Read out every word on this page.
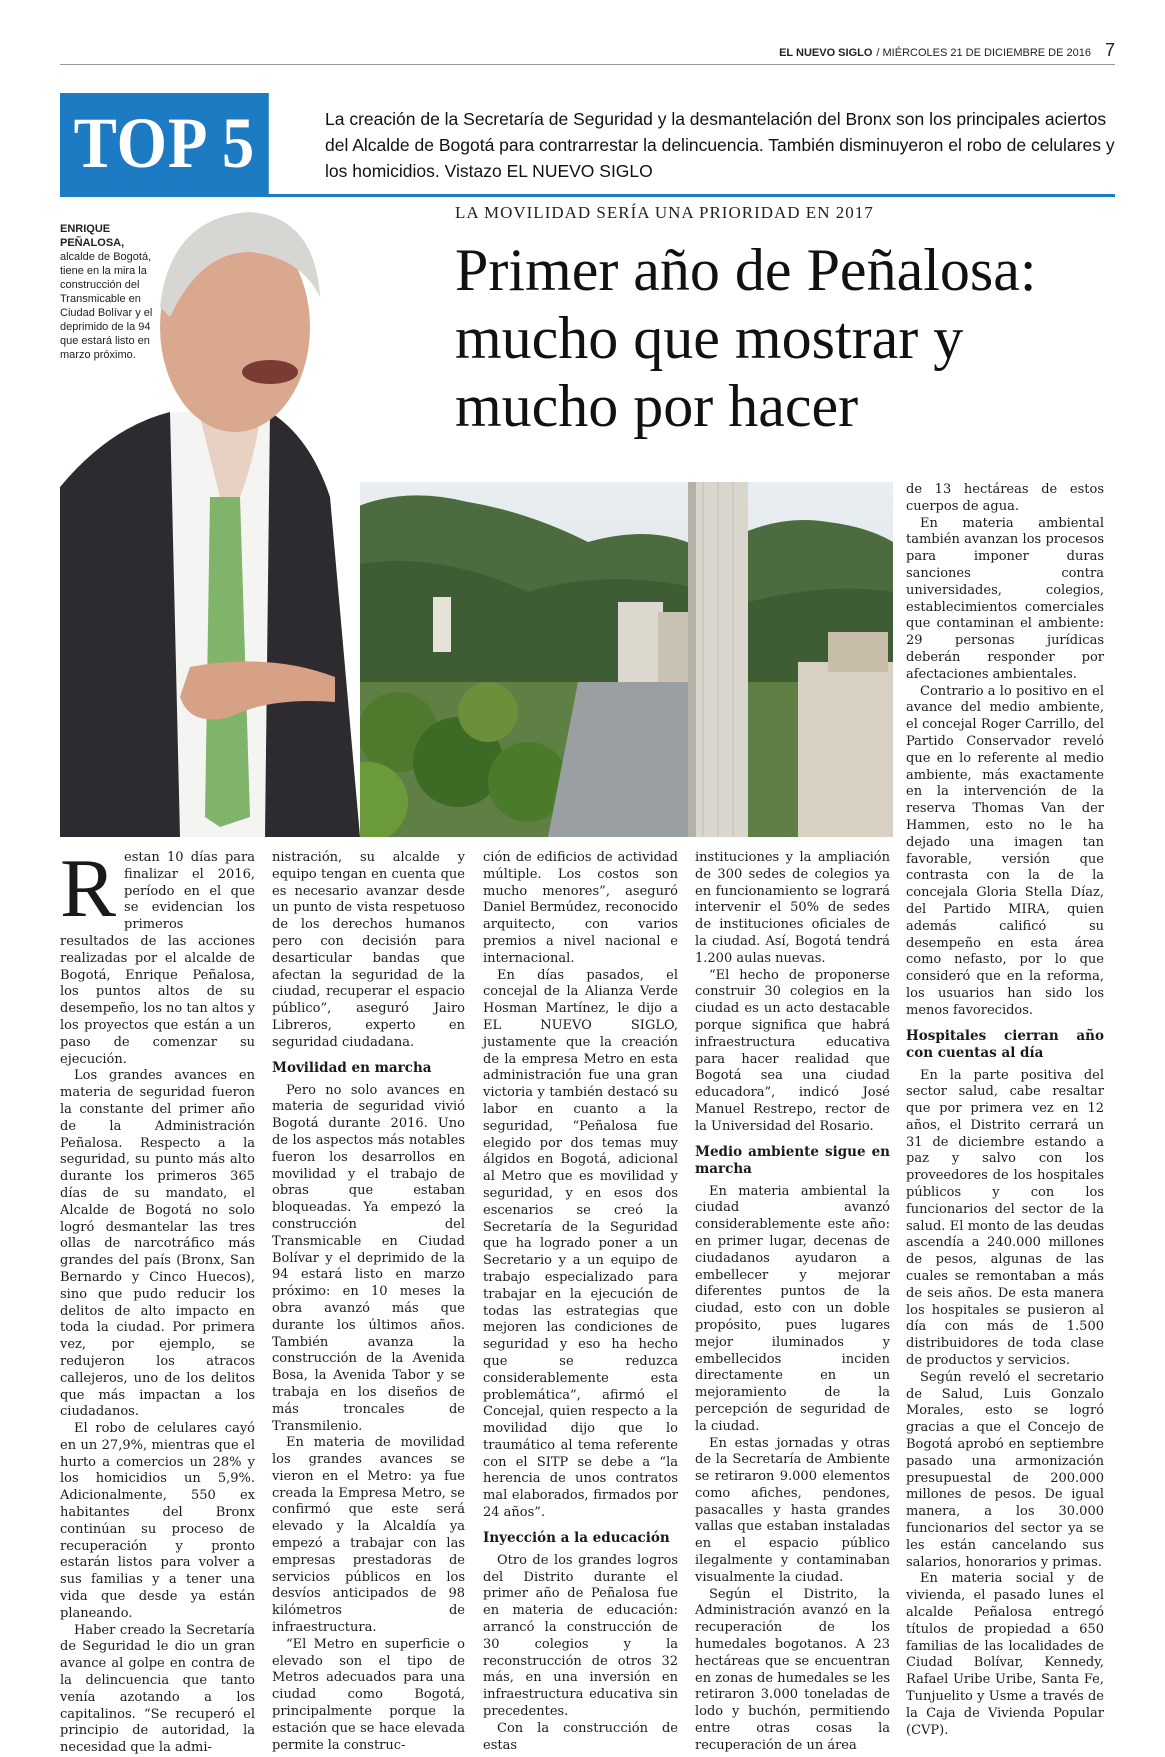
EL NUEVO SIGLO / MIÉRCOLES 21 DE DICIEMBRE DE 2016 7
TOP 5	La creación de la Secretaría de Seguridad y la desmantelación del Bronx son los principales aciertos del Alcalde de Bogotá para contrarrestar la delincuencia. También disminuyeron el robo de celulares y los homicidios. Vistazo EL NUEVO SIGLO
ENRIQUE PEÑALOSA,
alcalde de Bogotá, tiene en la mira la construcción del Transmicable en Ciudad Bolívar y el deprimido de la 94 que estará listo en marzo próximo.
LA MOVILIDAD SERÍA UNA PRIORIDAD EN 2017
Primer año de Peñalosa: mucho que mostrar y mucho por hacer
R estan 10 días para finalizar el 2016, período en el que se evidencian los primeros resultados de las acciones realizadas por el alcalde de Bogotá, Enrique Peñalosa, los puntos altos de su desempeño, los no tan altos y los proyectos que están a un paso de comenzar su ejecución.

Los grandes avances en materia de seguridad fueron la constante del primer año de la Administración Peñalosa. Respecto a la seguridad, su punto más alto durante los primeros 365 días de su mandato, el Alcalde de Bogotá no solo logró desmantelar las tres ollas de narcotráfico más grandes del país (Bronx, San Bernardo y Cinco Huecos), sino que pudo reducir los delitos de alto impacto en toda la ciudad. Por primera vez, por ejemplo, se redujeron los atracos callejeros, uno de los delitos que más impactan a los ciudadanos.

El robo de celulares cayó en un 27,9%, mientras que el hurto a comercios un 28% y los homicidios un 5,9%. Adicionalmente, 550 ex habitantes del Bronx continúan su proceso de recuperación y pronto estarán listos para volver a sus familias y a tener una vida que desde ya están planeando.

Haber creado la Secretaría de Seguridad le dio un gran avance al golpe en contra de la delincuencia que tanto venía azotando a los capitalinos. “Se recuperó el principio de autoridad, la necesidad que la admi-

nistración, su alcalde y equipo tengan en cuenta que es necesario avanzar desde un punto de vista respetuoso de los derechos humanos pero con decisión para desarticular bandas que afectan la seguridad de la ciudad, recuperar el espacio público”, aseguró Jairo Libreros, experto en seguridad ciudadana.

Movilidad en marcha

Pero no solo avances en materia de seguridad vivió Bogotá durante 2016. Uno de los aspectos más notables fueron los desarrollos en movilidad y el trabajo de obras que estaban bloqueadas. Ya empezó la construcción del Transmicable en Ciudad Bolívar y el deprimido de la 94 estará listo en marzo próximo: en 10 meses la obra avanzó más que durante los últimos años. También avanza la construcción de la Avenida Bosa, la Avenida Tabor y se trabaja en los diseños de más troncales de Transmilenio.

En materia de movilidad los grandes avances se vieron en el Metro: ya fue creada la Empresa Metro, se confirmó que este será elevado y la Alcaldía ya empezó a trabajar con las empresas prestadoras de servicios públicos en los desvíos anticipados de 98 kilómetros de infraestructura.

“El Metro en superficie o elevado son el tipo de Metros adecuados para una ciudad como Bogotá, principalmente porque la estación que se hace elevada permite la construc-

ción de edificios de actividad múltiple. Los costos son mucho menores”, aseguró Daniel Bermúdez, reconocido arquitecto, con varios premios a nivel nacional e internacional.

En días pasados, el concejal de la Alianza Verde Hosman Martínez, le dijo a EL NUEVO SIGLO, justamente que la creación de la empresa Metro en esta administración fue una gran victoria y también destacó su labor en cuanto a la seguridad, “Peñalosa fue elegido por dos temas muy álgidos en Bogotá, adicional al Metro que es movilidad y seguridad, y en esos dos escenarios se creó la Secretaría de la Seguridad que ha logrado poner a un Secretario y a un equipo de trabajo especializado para trabajar en la ejecución de todas las estrategias que mejoren las condiciones de seguridad y eso ha hecho que se reduzca considerablemente esta problemática”, afirmó el Concejal, quien respecto a la movilidad dijo que lo traumático al tema referente con el SITP se debe a “la herencia de unos contratos mal elaborados, firmados por 24 años”.

Inyección a la educación

Otro de los grandes logros del Distrito durante el primer año de Peñalosa fue en materia de educación: arrancó la construcción de 30 colegios y la reconstrucción de otros 32 más, en una inversión en infraestructura educativa sin precedentes.

Con la construcción de estas

instituciones y la ampliación de 300 sedes de colegios ya en funcionamiento se logrará intervenir el 50% de sedes de instituciones oficiales de la ciudad. Así, Bogotá tendrá 1.200 aulas nuevas.

“El hecho de proponerse construir 30 colegios en la ciudad es un acto destacable porque significa que habrá infraestructura educativa para hacer realidad que Bogotá sea una ciudad educadora”, indicó José Manuel Restrepo, rector de la Universidad del Rosario.

Medio ambiente sigue en marcha

En materia ambiental la ciudad avanzó considerablemente este año: en primer lugar, decenas de ciudadanos ayudaron a embellecer y mejorar diferentes puntos de la ciudad, esto con un doble propósito, pues lugares mejor iluminados y embellecidos inciden directamente en un mejoramiento de la percepción de seguridad de la ciudad.

En estas jornadas y otras de la Secretaría de Ambiente se retiraron 9.000 elementos como afiches, pendones, pasacalles y hasta grandes vallas que estaban instaladas en el espacio público ilegalmente y contaminaban visualmente la ciudad.

Según el Distrito, la Administración avanzó en la recuperación de los humedales bogotanos. A 23 hectáreas que se encuentran en zonas de humedales se les retiraron 3.000 toneladas de lodo y buchón, permitiendo entre otras cosas la recuperación de un área

de 13 hectáreas de estos cuerpos de agua.

En materia ambiental también avanzan los procesos para imponer duras sanciones contra universidades, colegios, establecimientos comerciales que contaminan el ambiente: 29 personas jurídicas deberán responder por afectaciones ambientales.

Contrario a lo positivo en el avance del medio ambiente, el concejal Roger Carrillo, del Partido Conservador reveló que en lo referente al medio ambiente, más exactamente en la intervención de la reserva Thomas Van der Hammen, esto no le ha dejado una imagen tan favorable, versión que contrasta con la de la concejala Gloria Stella Díaz, del Partido MIRA, quien además calificó su desempeño en esta área como nefasto, por lo que consideró que en la reforma, los usuarios han sido los menos favorecidos.

Hospitales cierran año con cuentas al día

En la parte positiva del sector salud, cabe resaltar que por primera vez en 12 años, el Distrito cerrará un 31 de diciembre estando a paz y salvo con los proveedores de los hospitales públicos y con los funcionarios del sector de la salud. El monto de las deudas ascendía a 240.000 millones de pesos, algunas de las cuales se remontaban a más de seis años. De esta manera los hospitales se pusieron al día con más de 1.500 distribuidores de toda clase de productos y servicios.

Según reveló el secretario de Salud, Luis Gonzalo Morales, esto se logró gracias a que el Concejo de Bogotá aprobó en septiembre pasado una armonización presupuestal de 200.000 millones de pesos. De igual manera, a los 30.000 funcionarios del sector ya se les están cancelando sus salarios, honorarios y primas.

En materia social y de vivienda, el pasado lunes el alcalde Peñalosa entregó títulos de propiedad a 650 familias de las localidades de Ciudad Bolívar, Kennedy, Rafael Uribe Uribe, Santa Fe, Tunjuelito y Usme a través de la Caja de Vivienda Popular (CVP).
